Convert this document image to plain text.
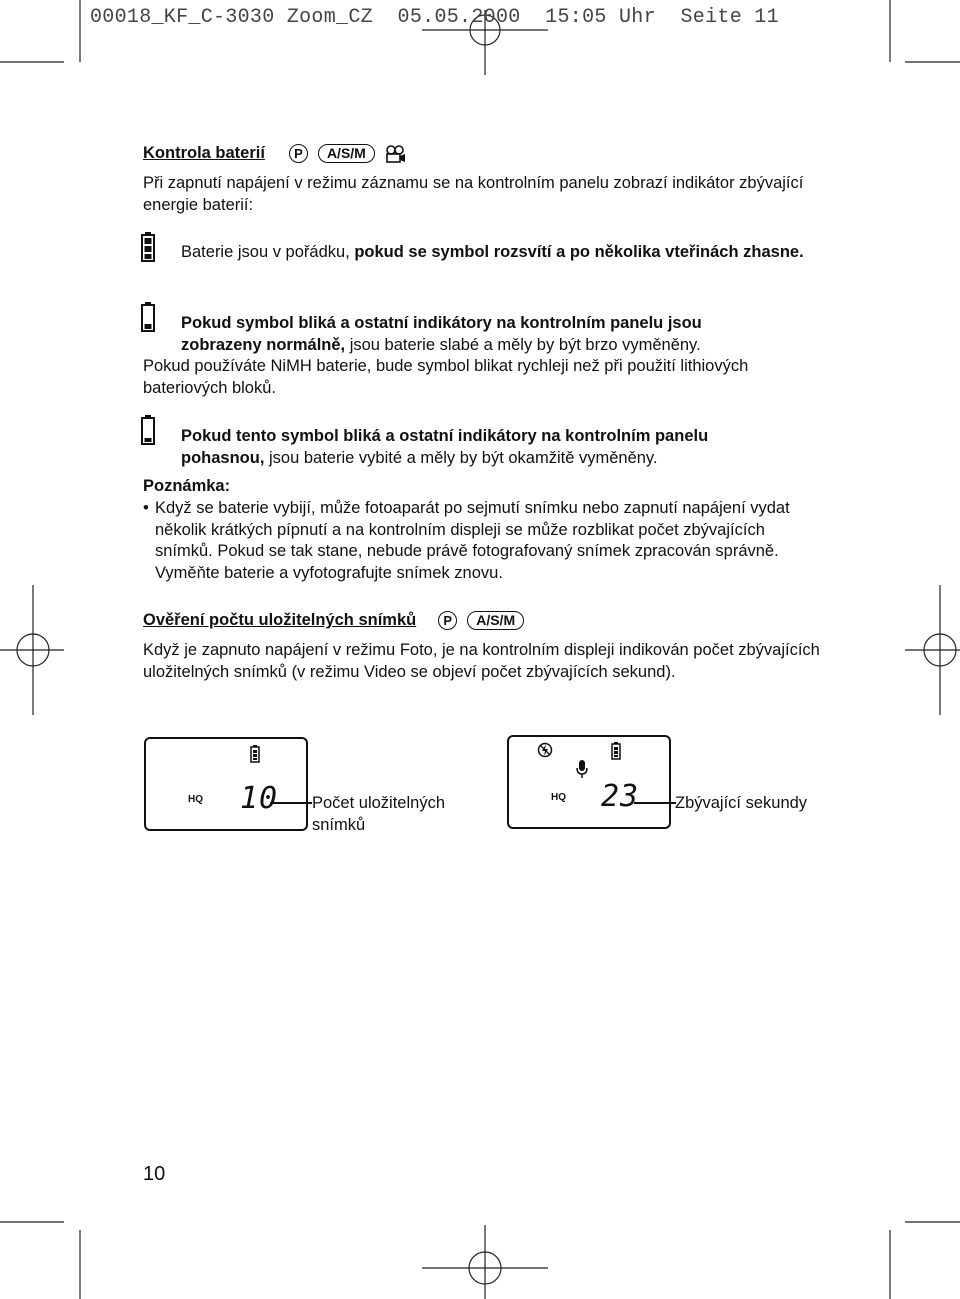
00018_KF_C-3030 Zoom_CZ  05.05.2000  15:05 Uhr  Seite 11
Kontrola baterií	P	A/S/M
Při zapnutí napájení v režimu záznamu se na kontrolním panelu zobrazí indikátor zbývající energie baterií:
Baterie jsou v pořádku, pokud se symbol rozsvítí a po několika vteřinách zhasne.
Pokud symbol bliká a ostatní indikátory na kontrolním panelu jsou
zobrazeny normálně, jsou baterie slabé a měly by být brzo vyměněny.
Pokud používáte NiMH baterie, bude symbol blikat rychleji než při použití lithiových bateriových bloků.
Pokud tento symbol bliká a ostatní indikátory na kontrolním panelu
pohasnou, jsou baterie vybité a měly by být okamžitě vyměněny.
Poznámka:
• Když se baterie vybijí, může fotoaparát po sejmutí snímku nebo zapnutí napájení vydat několik krátkých pípnutí a na kontrolním displeji se může rozblikat počet zbývajících snímků. Pokud se tak stane, nebude právě fotografovaný snímek zpracován správně. Vyměňte baterie a vyfotografujte snímek znovu.
Ověření počtu uložitelných snímků	P	A/S/M
Když je zapnuto napájení v režimu Foto, je na kontrolním displeji indikován počet zbývajících uložitelných snímků (v režimu Video se objeví počet zbývajících sekund).
HQ 10 Počet uložitelných snímků
HQ 23 Zbývající sekundy
10
